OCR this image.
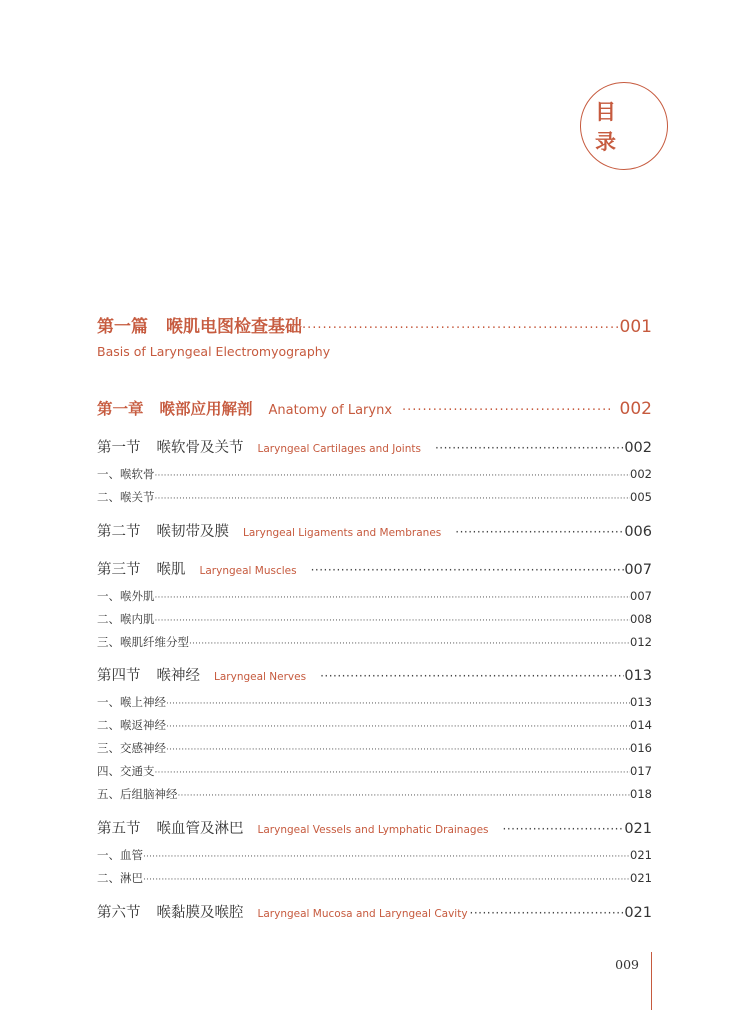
目 录
第一篇 喉肌电图检查基础 ·····	001
Basis of Laryngeal Electromyography
第一章 喉部应用解剖 Anatomy of Larynx ·····	002
第一节 喉软骨及关节 Laryngeal Cartilages and Joints ·····	002
一、喉软骨 ·····	002
二、喉关节 ·····	005
第二节 喉韧带及膜 Laryngeal Ligaments and Membranes ·····	006
第三节 喉肌 Laryngeal Muscles ·····	007
一、喉外肌 ·····	007
二、喉内肌 ·····	008
三、喉肌纤维分型 ·····	012
第四节 喉神经 Laryngeal Nerves ·····	013
一、喉上神经 ·····	013
二、喉返神经 ·····	014
三、交感神经 ·····	016
四、交通支 ·····	017
五、后组脑神经 ·····	018
第五节 喉血管及淋巴 Laryngeal Vessels and Lymphatic Drainages ·····	021
一、血管 ·····	021
二、淋巴 ·····	021
第六节 喉黏膜及喉腔 Laryngeal Mucosa and Laryngeal Cavity ·····	021
009
